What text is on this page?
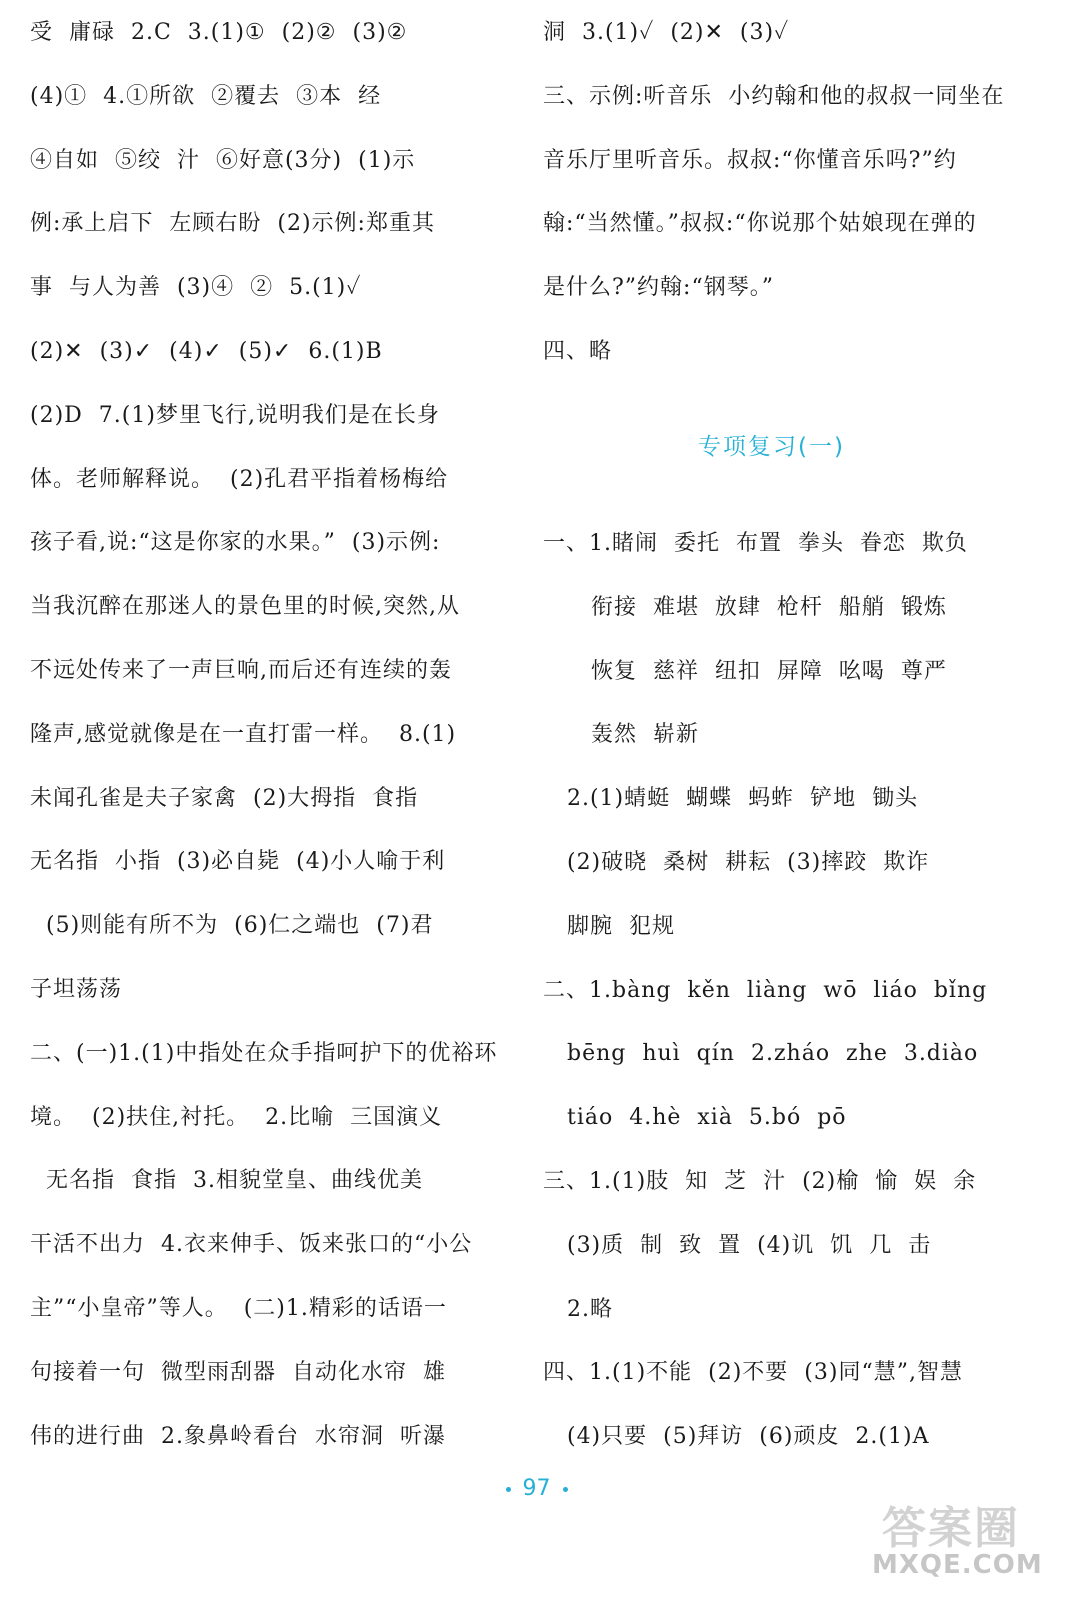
受  庸碌  2.C  3.(1)①  (2)②  (3)②
(4)①  4.①所欲  ②覆去  ③本  经
④自如  ⑤绞  汁  ⑥好意(3分)  (1)示
例:承上启下  左顾右盼  (2)示例:郑重其
事  与人为善  (3)④  ②  5.(1)✓
(2)✕  (3)✓  (4)✓  (5)✓  6.(1)B
(2)D  7.(1)梦里飞行,说明我们是在长身
体。老师解释说。  (2)孔君平指着杨梅给
孩子看,说:“这是你家的水果。”  (3)示例:
当我沉醉在那迷人的景色里的时候,突然,从
不远处传来了一声巨响,而后还有连续的轰
隆声,感觉就像是在一直打雷一样。  8.(1)
未闻孔雀是夫子家禽  (2)大拇指  食指
无名指  小指  (3)必自毙  (4)小人喻于利
(5)则能有所不为  (6)仁之端也  (7)君
子坦荡荡
二、(一)1.(1)中指处在众手指呵护下的优裕环
境。  (2)扶住,衬托。  2.比喻  三国演义
无名指  食指  3.相貌堂皇、曲线优美
干活不出力  4.衣来伸手、饭来张口的“小公
主”“小皇帝”等人。  (二)1.精彩的话语一
句接着一句  微型雨刮器  自动化水帘  雄
伟的进行曲  2.象鼻岭看台  水帘洞  听瀑
洞  3.(1)✓  (2)✕  (3)✓
三、示例:听音乐  小约翰和他的叔叔一同坐在
音乐厅里听音乐。叔叔:“你懂音乐吗?”约
翰:“当然懂。”叔叔:“你说那个姑娘现在弹的
是什么?”约翰:“钢琴。”
四、略
一、1.睹闹  委托  布置  拳头  眷恋  欺负
衔接  难堪  放肆  枪杆  船艄  锻炼
恢复  慈祥  纽扣  屏障  吆喝  尊严
轰然  崭新
2.(1)蜻蜓  蝴蝶  蚂蚱  铲地  锄头
(2)破晓  桑树  耕耘  (3)摔跤  欺诈
脚腕  犯规
二、1.bàng  kěn  liàng  wō  liáo  bǐng
bēng  huì  qín  2.zháo  zhe  3.diào
tiáo  4.hè  xià  5.bó  pō
三、1.(1)肢  知  芝  汁  (2)榆  愉  娱  余
(3)质  制  致  置  (4)讥  饥  几  击
2.略
四、1.(1)不能  (2)不要  (3)同“慧”,智慧
(4)只要  (5)拜访  (6)顽皮  2.(1)A
专项复习(一)
97
答案圈
MXQE.COM
